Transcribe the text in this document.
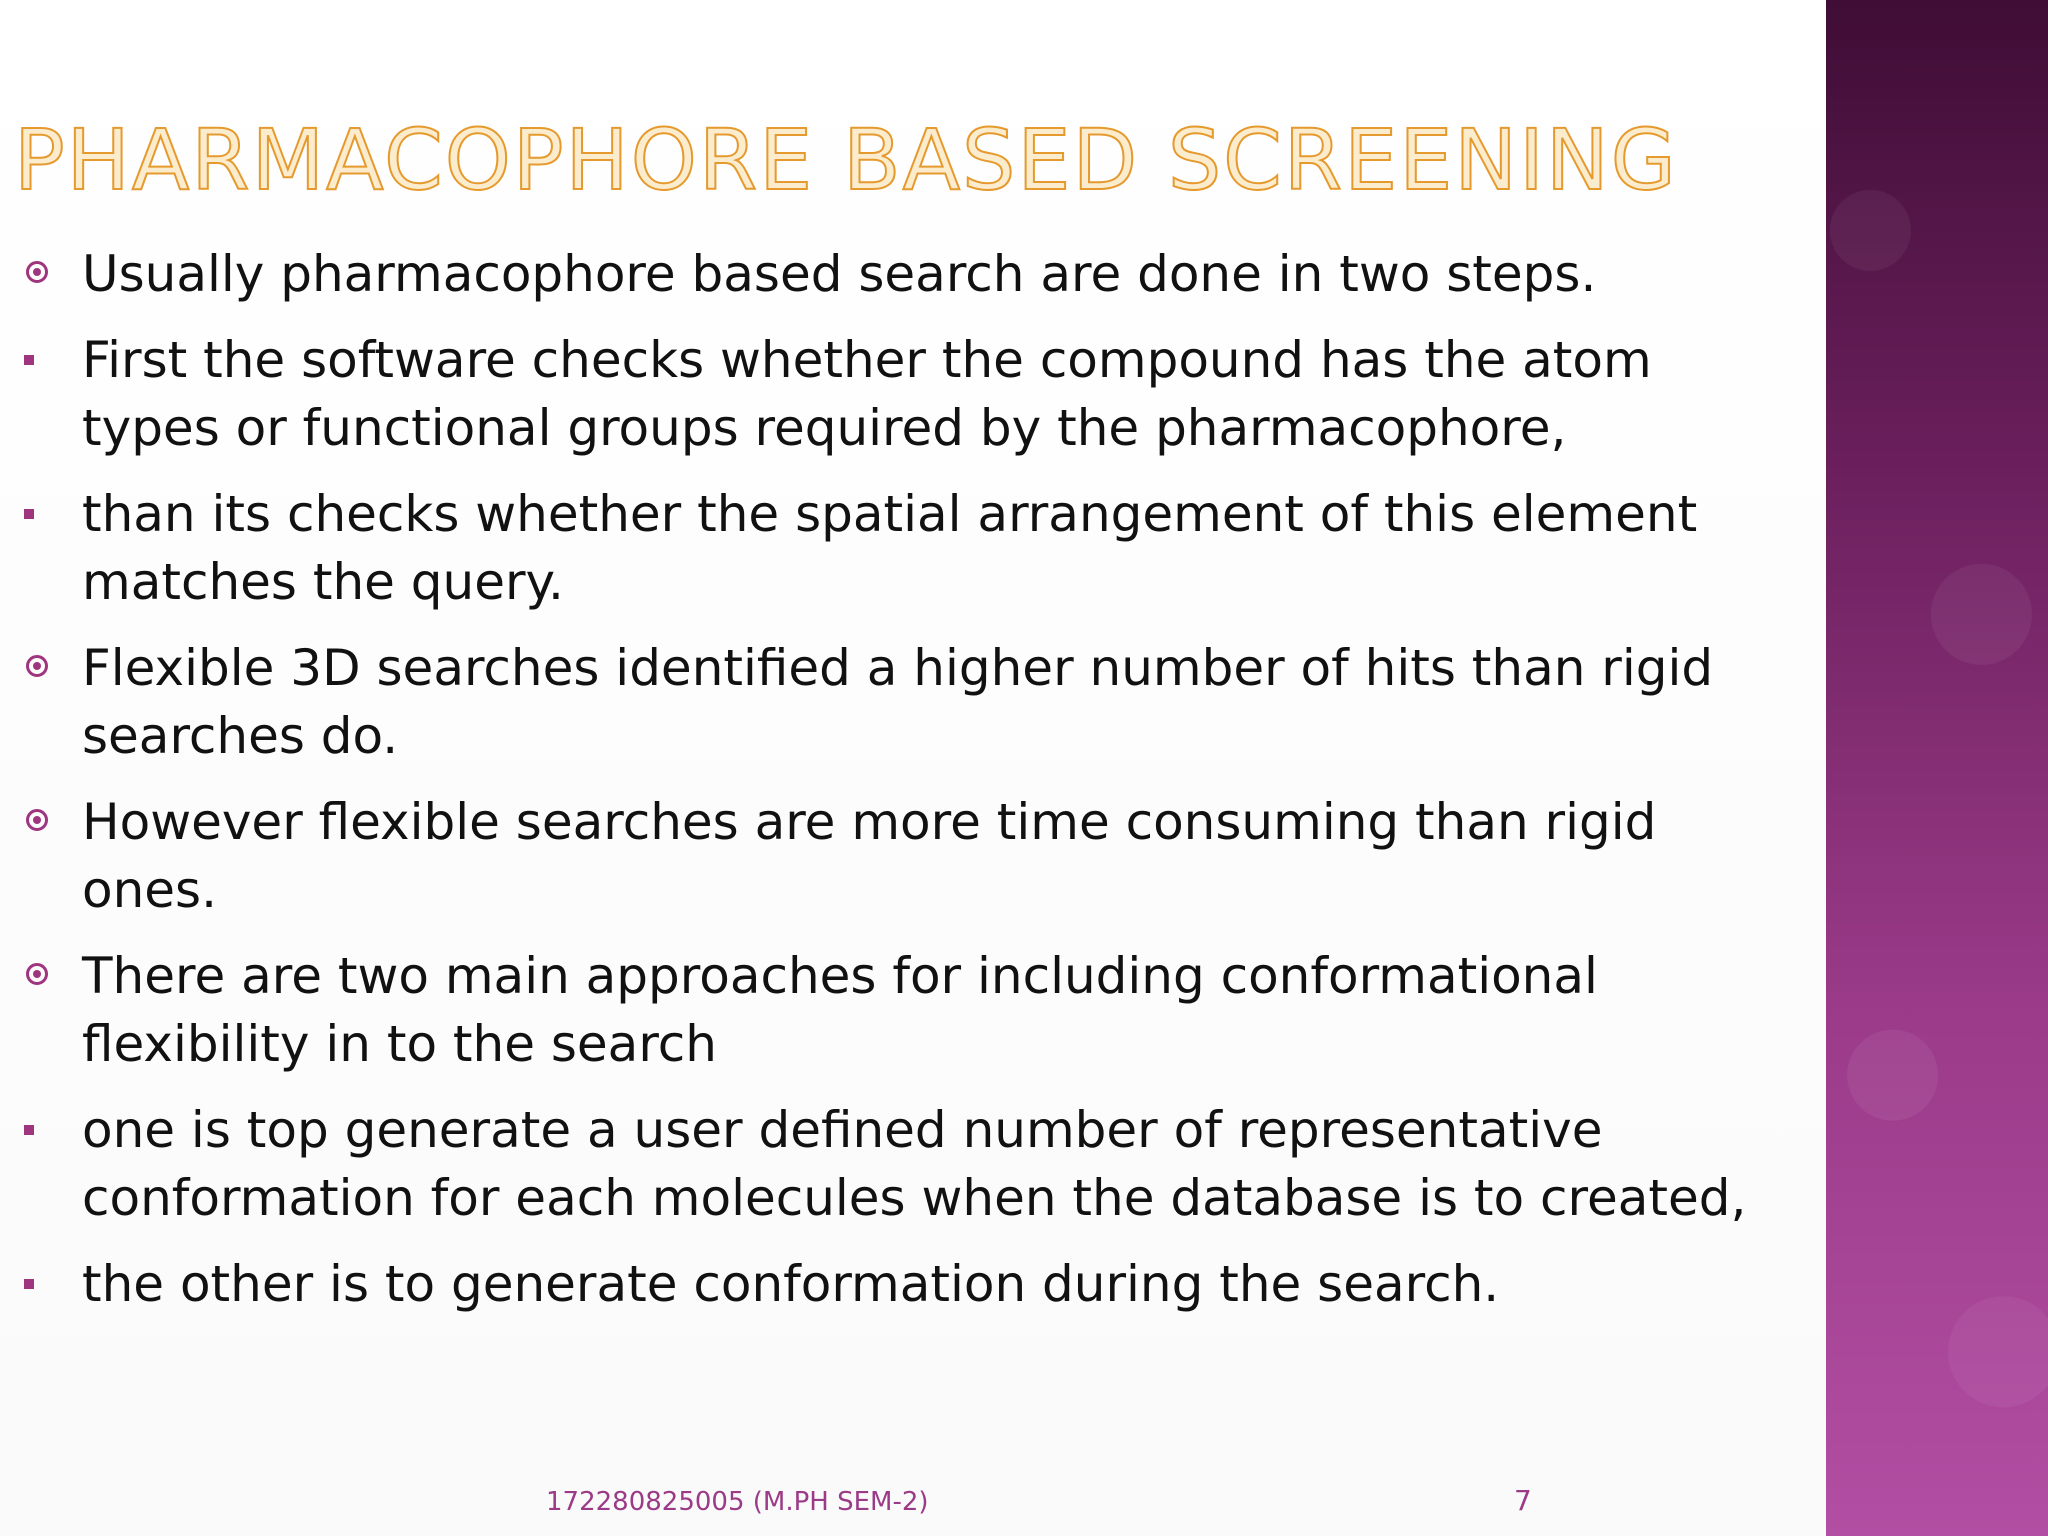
PHARMACOPHORE BASED SCREENING
Usually pharmacophore based search are done in two steps.
First the software checks whether the compound has the atom types or functional groups required by the pharmacophore,
than its checks whether the spatial arrangement of this element matches the query.
Flexible 3D searches identified a higher number of hits than rigid searches do.
However flexible searches are more time consuming than rigid ones.
There are two main approaches for including conformational flexibility in to the search
one is top generate a user defined number of representative conformation for each molecules when the database is to created,
the other is to generate conformation during the search.
172280825005 (M.PH SEM-2)	7
